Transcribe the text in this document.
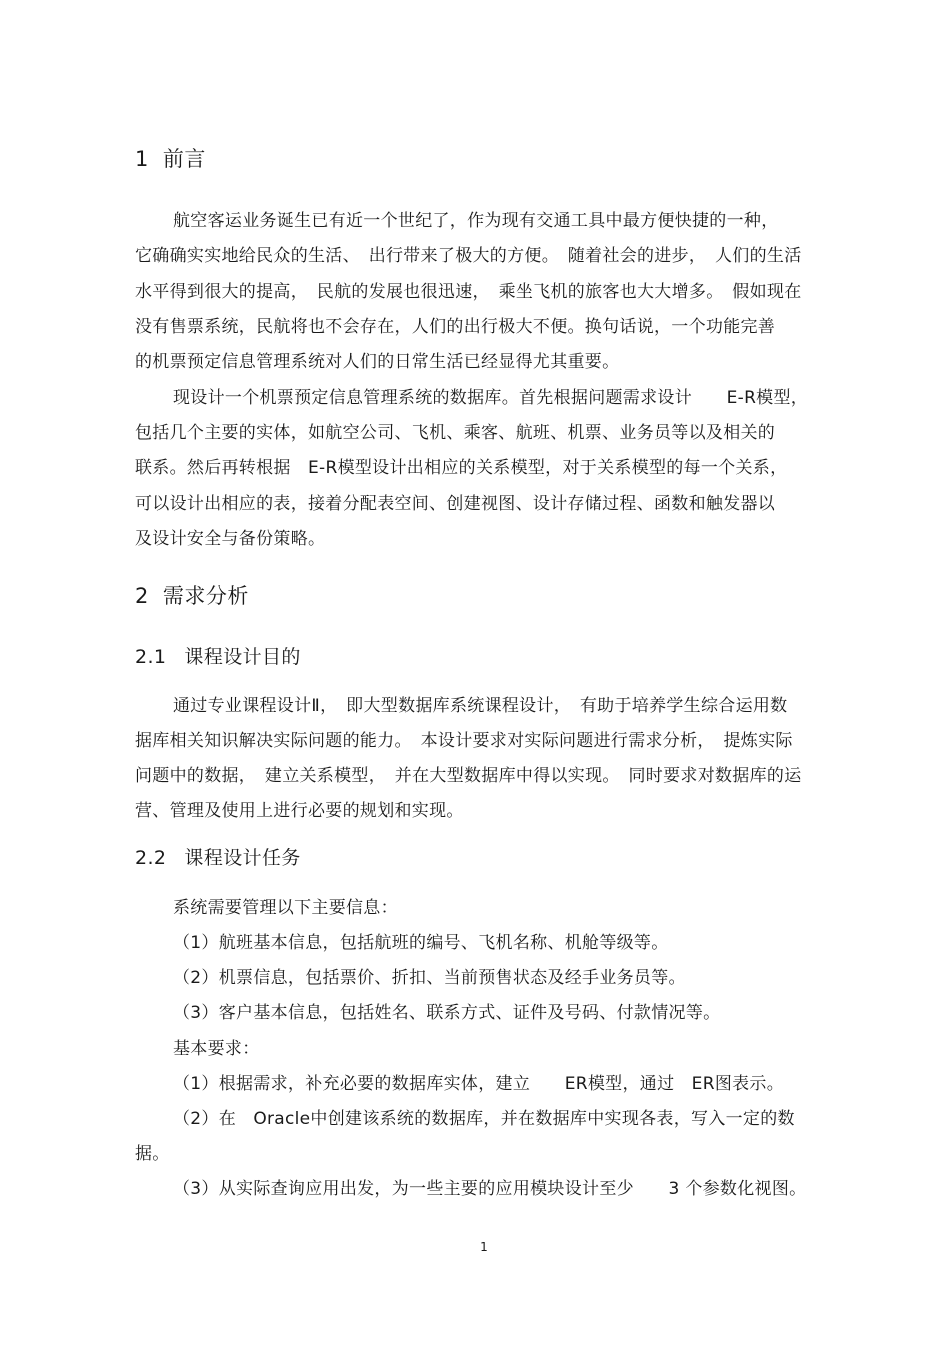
1 前言
航空客运业务诞生已有近一个世纪了，作为现有交通工具中最方便快捷的一种，
它确确实实地给民众的生活、　出行带来了极大的方便。　随着社会的进步，　人们的生活
水平得到很大的提高，　民航的发展也很迅速，　乘坐飞机的旅客也大大增多。　假如现在
没有售票系统，民航将也不会存在，人们的出行极大不便。换句话说，一个功能完善
的机票预定信息管理系统对人们的日常生活已经显得尤其重要。
现设计一个机票预定信息管理系统的数据库。首先根据问题需求设计　　E-R模型，
包括几个主要的实体，如航空公司、飞机、乘客、航班、机票、业务员等以及相关的
联系。然后再转根据　E-R模型设计出相应的关系模型，对于关系模型的每一个关系，
可以设计出相应的表，接着分配表空间、创建视图、设计存储过程、函数和触发器以
及设计安全与备份策略。
2 需求分析
2.1 课程设计目的
通过专业课程设计Ⅱ，　即大型数据库系统课程设计，　有助于培养学生综合运用数
据库相关知识解决实际问题的能力。　本设计要求对实际问题进行需求分析，　提炼实际
问题中的数据，　建立关系模型，　并在大型数据库中得以实现。　同时要求对数据库的运
营、管理及使用上进行必要的规划和实现。
2.2 课程设计任务
系统需要管理以下主要信息：
（1）航班基本信息，包括航班的编号、飞机名称、机舱等级等。
（2）机票信息，包括票价、折扣、当前预售状态及经手业务员等。
（3）客户基本信息，包括姓名、联系方式、证件及号码、付款情况等。
基本要求：
（1）根据需求，补充必要的数据库实体，建立　　ER模型，通过　ER图表示。
（2）在　Oracle中创建该系统的数据库，并在数据库中实现各表，写入一定的数
据。
（3）从实际查询应用出发，为一些主要的应用模块设计至少　　3 个参数化视图。
1
